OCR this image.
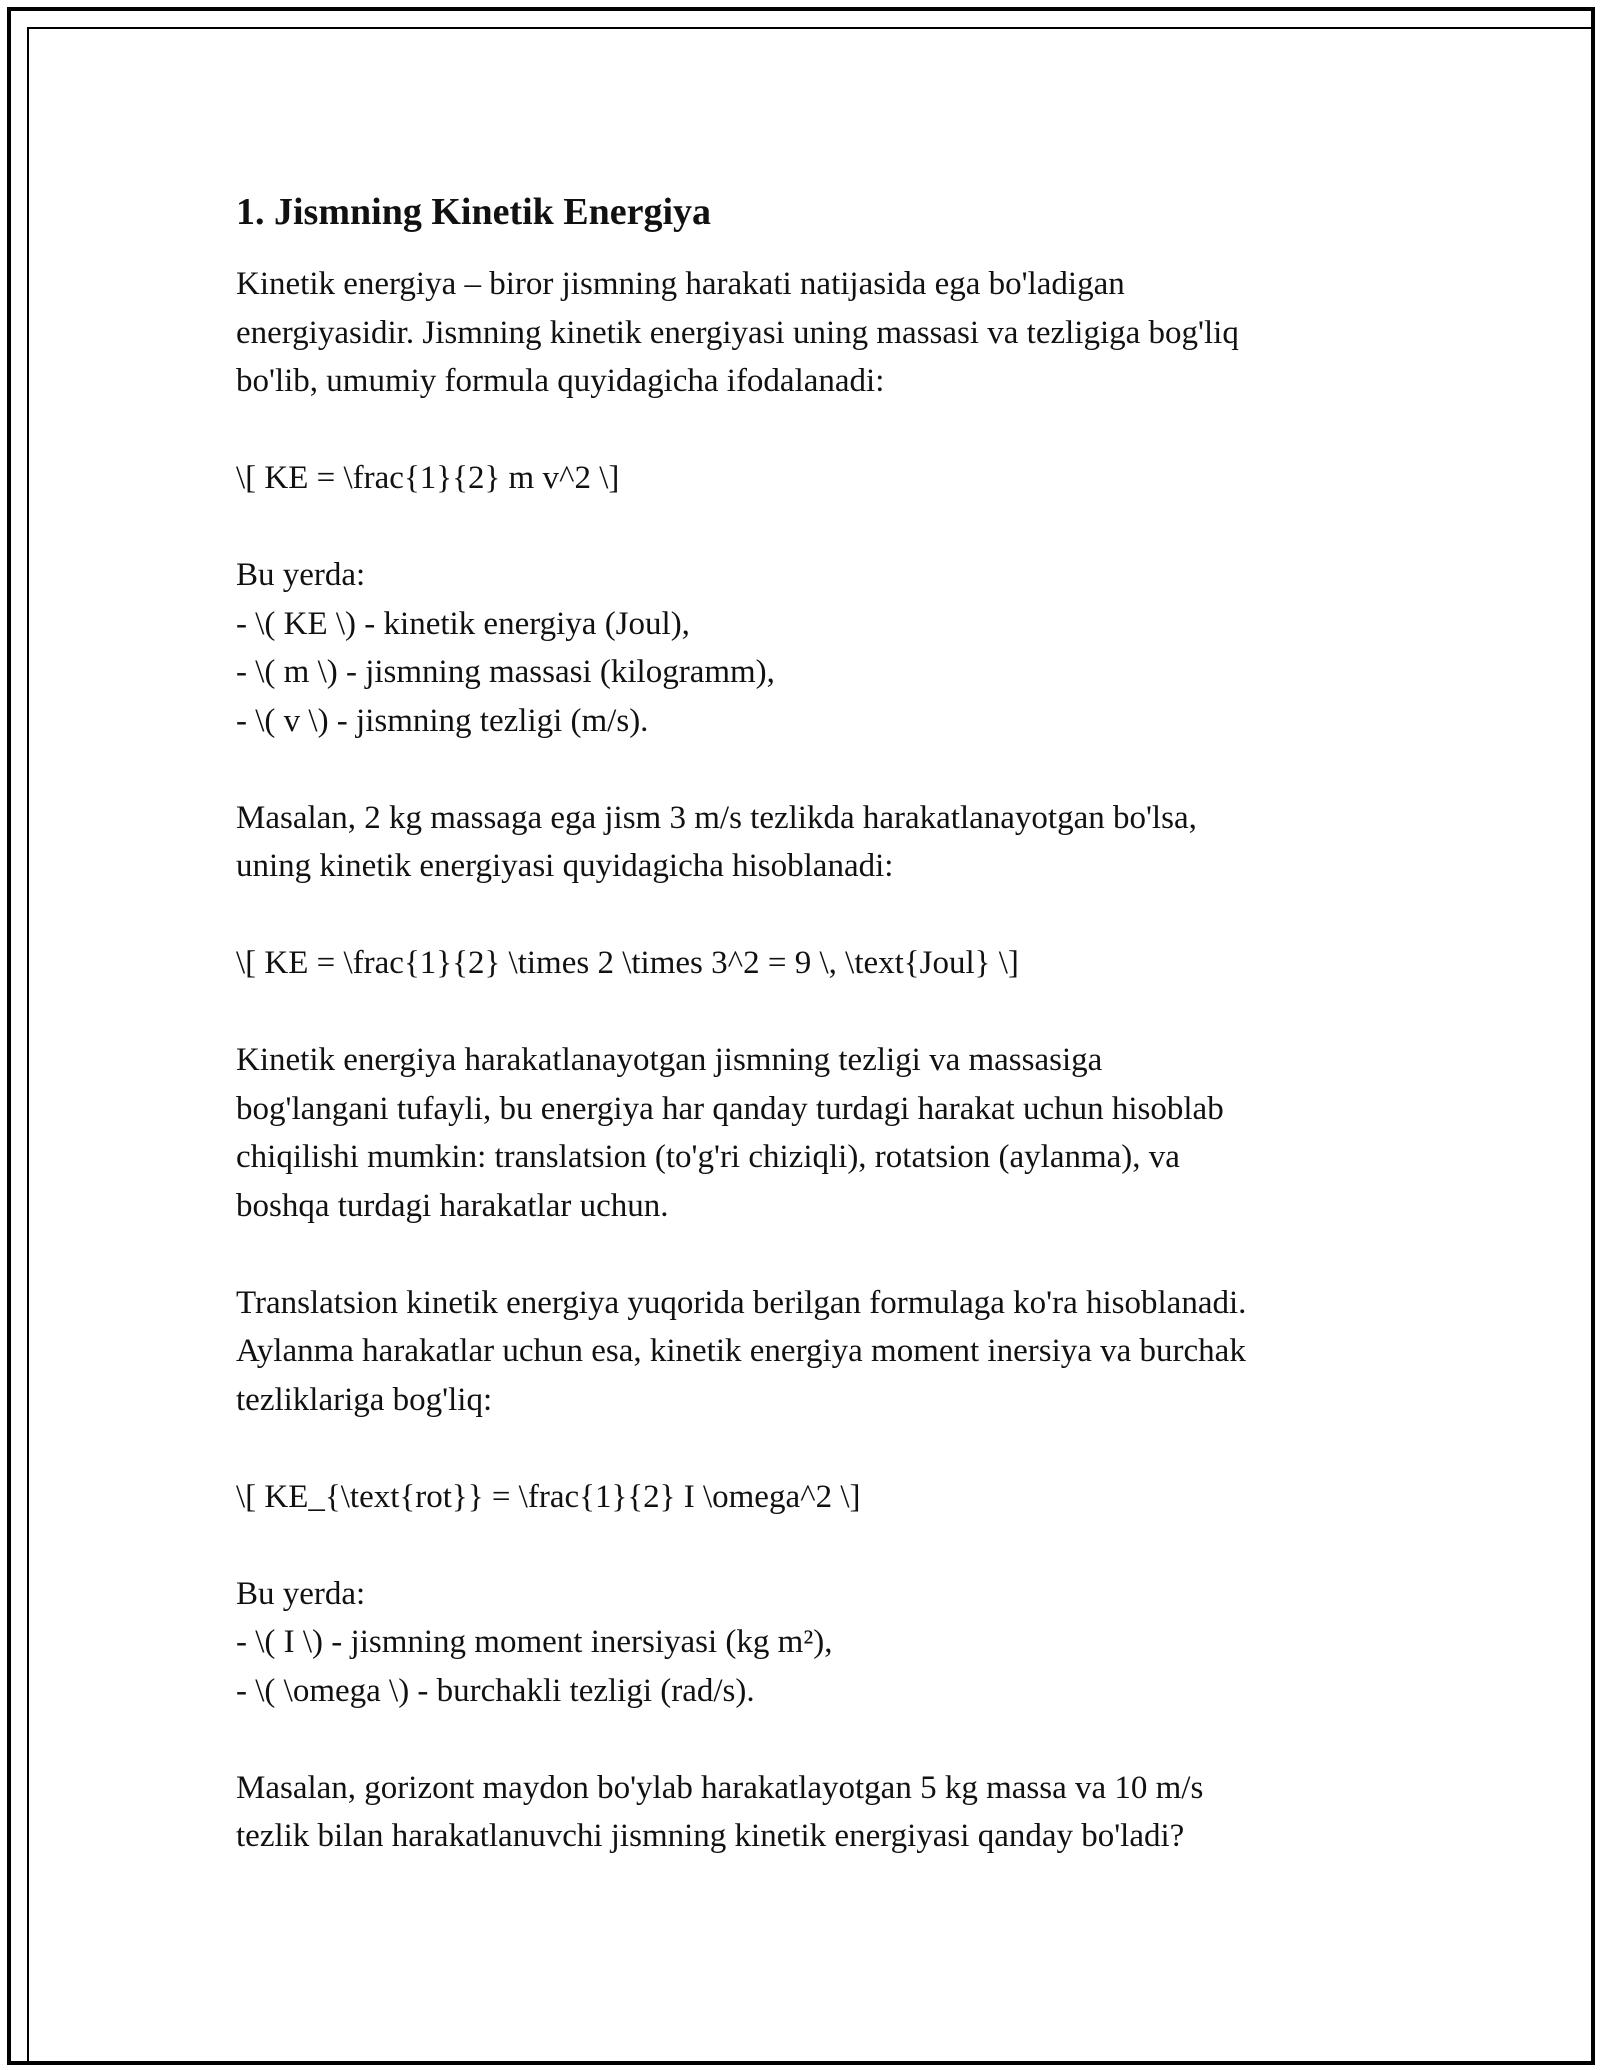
1. Jismning Kinetik Energiya
Kinetik energiya – biror jismning harakati natijasida ega bo'ladigan
energiyasidir. Jismning kinetik energiyasi uning massasi va tezligiga bog'liq
bo'lib, umumiy formula quyidagicha ifodalanadi:
\[ KE = \frac{1}{2} m v^2 \]
Bu yerda:
- \( KE \) - kinetik energiya (Joul),
- \( m \) - jismning massasi (kilogramm),
- \( v \) - jismning tezligi (m/s).
Masalan, 2 kg massaga ega jism 3 m/s tezlikda harakatlanayotgan bo'lsa,
uning kinetik energiyasi quyidagicha hisoblanadi:
\[ KE = \frac{1}{2} \times 2 \times 3^2 = 9 \, \text{Joul} \]
Kinetik energiya harakatlanayotgan jismning tezligi va massasiga
bog'langani tufayli, bu energiya har qanday turdagi harakat uchun hisoblab
chiqilishi mumkin: translatsion (to'g'ri chiziqli), rotatsion (aylanma), va
boshqa turdagi harakatlar uchun.
Translatsion kinetik energiya yuqorida berilgan formulaga ko'ra hisoblanadi.
Aylanma harakatlar uchun esa, kinetik energiya moment inersiya va burchak
tezliklariga bog'liq:
\[ KE_{\text{rot}} = \frac{1}{2} I \omega^2 \]
Bu yerda:
- \( I \) - jismning moment inersiyasi (kg m²),
- \( \omega \) - burchakli tezligi (rad/s).
Masalan, gorizont maydon bo'ylab harakatlayotgan 5 kg massa va 10 m/s
tezlik bilan harakatlanuvchi jismning kinetik energiyasi qanday bo'ladi?
